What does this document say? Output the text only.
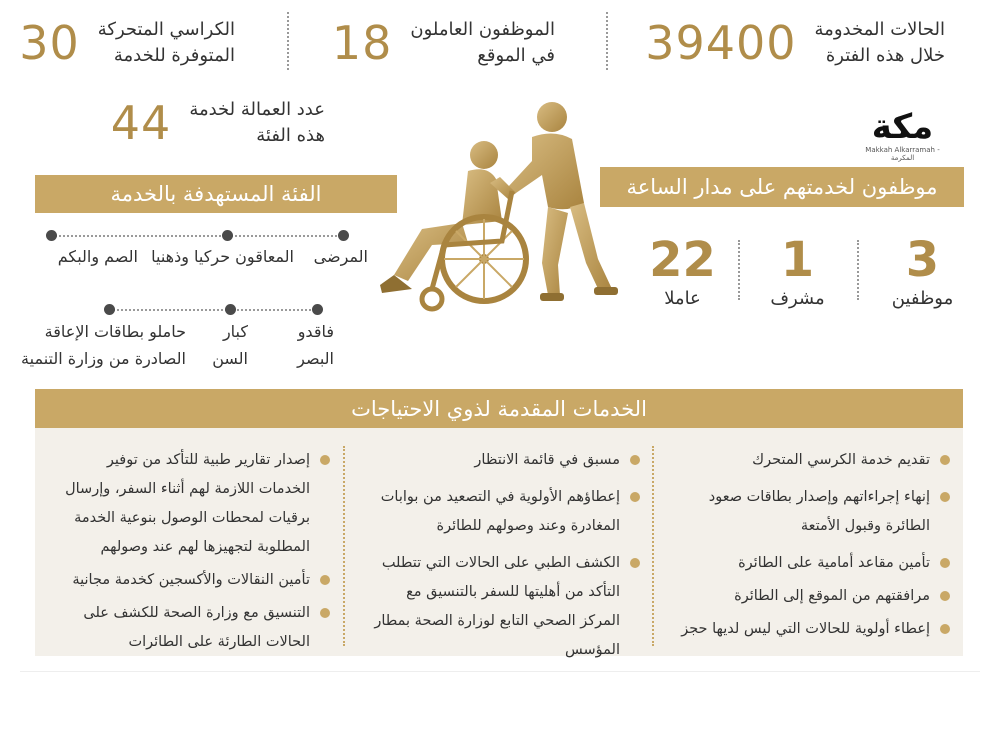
الحالات المخدومة
خلال هذه الفترة
39400
الموظفون العاملون
في الموقع
18
الكراسي المتحركة
المتوفرة للخدمة
30
عدد العمالة لخدمة
هذه الفئة
44	مكة
Makkah Alkarramah - المكرمة
موظفون لخدمتهم على مدار الساعة
3
موظفين
1
مشرف
22
عاملا
الفئة المستهدفة بالخدمة
المرضى
المعاقون حركيا وذهنيا
الصم والبكم
فاقدو
البصر
كبار
السن
حاملو بطاقات الإعاقة
الصادرة من وزارة التنمية
الخدمات المقدمة لذوي الاحتياجات
تقديم خدمة الكرسي المتحرك
إنهاء إجراءاتهم وإصدار بطاقات صعود
الطائرة وقبول الأمتعة
تأمين مقاعد أمامية على الطائرة
مرافقتهم من الموقع إلى الطائرة
إعطاء أولوية للحالات التي ليس لديها حجز
مسبق في قائمة الانتظار
إعطاؤهم الأولوية في التصعيد من بوابات
المغادرة وعند وصولهم للطائرة
الكشف الطبي على الحالات التي تتطلب
التأكد من أهليتها للسفر بالتنسيق مع
المركز الصحي التابع لوزارة الصحة بمطار
المؤسس
إصدار تقارير طبية للتأكد من توفير
الخدمات اللازمة لهم أثناء السفر، وإرسال
برقيات لمحطات الوصول بنوعية الخدمة
المطلوبة لتجهيزها لهم عند وصولهم
تأمين النقالات والأكسجين كخدمة مجانية
التنسيق مع وزارة الصحة للكشف على
الحالات الطارئة على الطائرات
